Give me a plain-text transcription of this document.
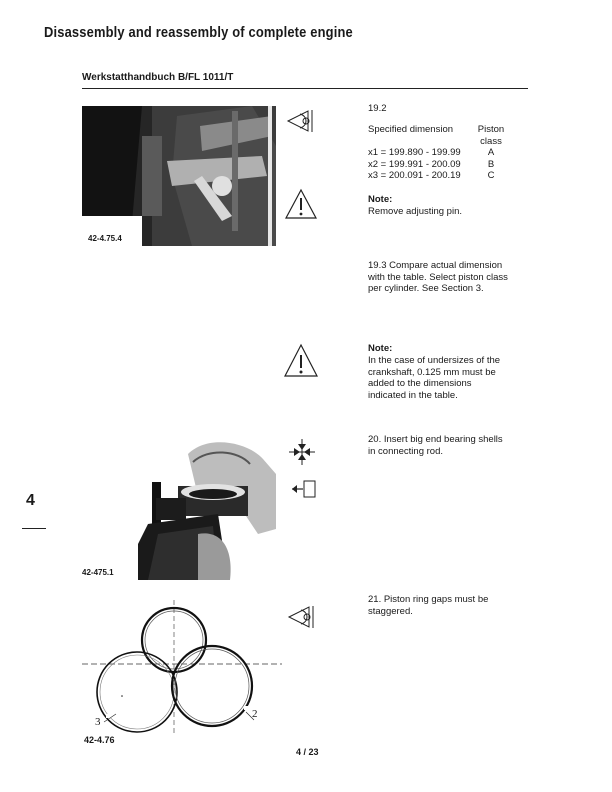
Disassembly and reassembly of complete engine
Werkstatthandbuch B/FL 1011/T
42-4.75.4
19.2
Specified dimension	Piston class
x1 = 199.890 - 199.99	A
x2 = 199.991 - 200.09	B
x3 = 200.091 - 200.19	C
Note:
Remove adjusting pin.
19.3 Compare actual dimension with the table. Select piston class per cylinder. See Section 3.
Note:
In the case of undersizes of the crankshaft, 0.125 mm must be added to the dimensions indicated in the table.
20. Insert big end bearing shells in connecting rod.
42-475.1
4
21. Piston ring gaps must be staggered.
3
2
42-4.76
4 / 23
